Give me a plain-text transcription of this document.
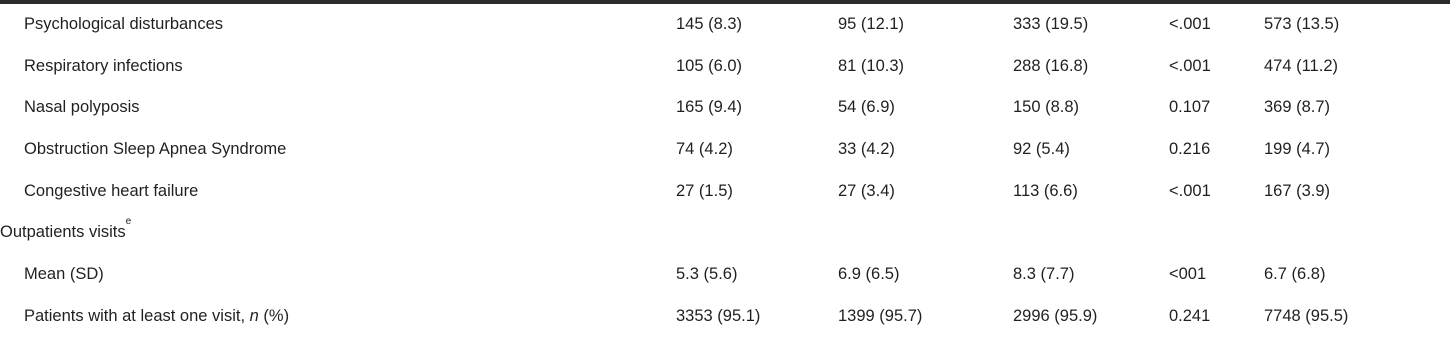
Psychological disturbances	145 (8.3)	95 (12.1)	333 (19.5)	<.001	573 (13.5)
Respiratory infections	105 (6.0)	81 (10.3)	288 (16.8)	<.001	474 (11.2)
Nasal polyposis	165 (9.4)	54 (6.9)	150 (8.8)	0.107	369 (8.7)
Obstruction Sleep Apnea Syndrome	74 (4.2)	33 (4.2)	92 (5.4)	0.216	199 (4.7)
Congestive heart failure	27 (1.5)	27 (3.4)	113 (6.6)	<.001	167 (3.9)
Outpatients visits$^e$
Mean (SD)	5.3 (5.6)	6.9 (6.5)	8.3 (7.7)	<001	6.7 (6.8)
Patients with at least one visit, n (%)	3353 (95.1)	1399 (95.7)	2996 (95.9)	0.241	7748 (95.5)
